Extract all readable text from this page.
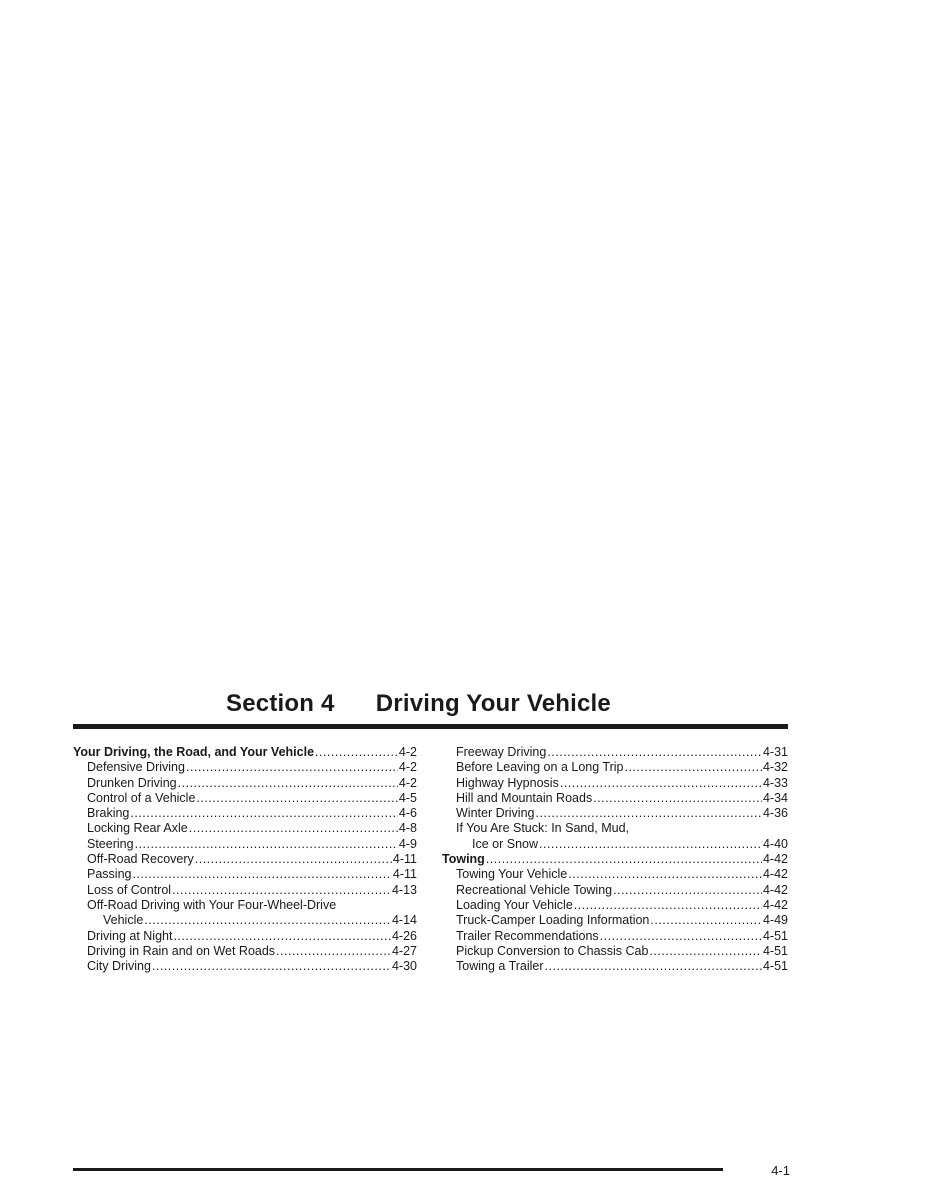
Section 4 Driving Your Vehicle
Your Driving, the Road, and Your Vehicle .....	4-2
Defensive Driving .....	4-2
Drunken Driving .....	4-2
Control of a Vehicle .....	4-5
Braking .....	4-6
Locking Rear Axle .....	4-8
Steering .....	4-9
Off-Road Recovery .....	4-11
Passing .....	4-11
Loss of Control .....	4-13
Off-Road Driving with Your Four-Wheel-Drive
Vehicle .....	4-14
Driving at Night .....	4-26
Driving in Rain and on Wet Roads .....	4-27
City Driving .....	4-30
Freeway Driving .....	4-31
Before Leaving on a Long Trip .....	4-32
Highway Hypnosis .....	4-33
Hill and Mountain Roads .....	4-34
Winter Driving .....	4-36
If You Are Stuck: In Sand, Mud,
Ice or Snow .....	4-40
Towing .....	4-42
Towing Your Vehicle .....	4-42
Recreational Vehicle Towing .....	4-42
Loading Your Vehicle .....	4-42
Truck-Camper Loading Information .....	4-49
Trailer Recommendations .....	4-51
Pickup Conversion to Chassis Cab .....	4-51
Towing a Trailer .....	4-51
4-1
